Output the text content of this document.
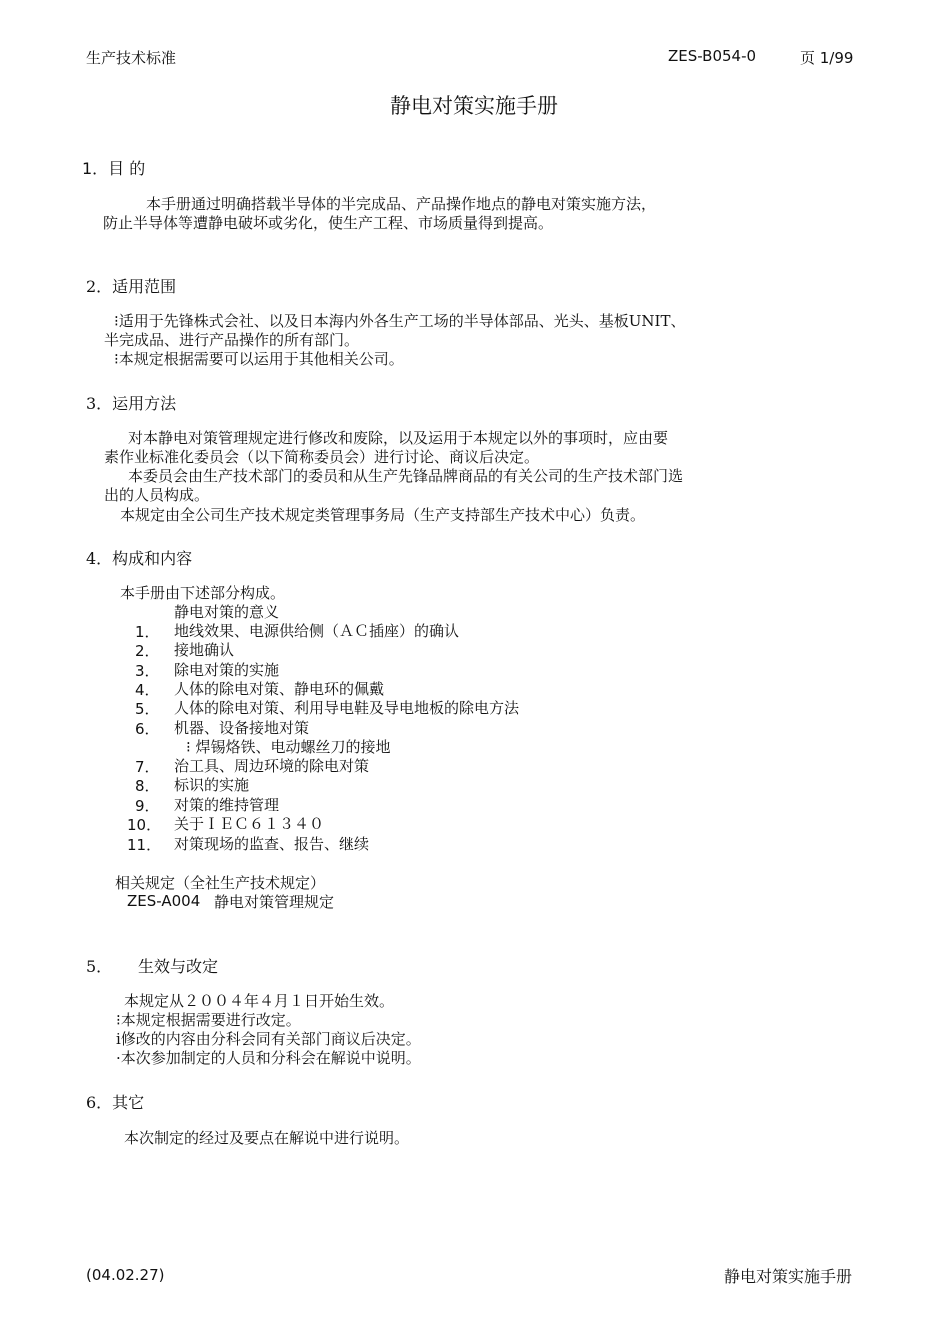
生产技术标准	ZES-B054-0	页 1/99
静电对策实施手册
1．目 的
本手册通过明确搭载半导体的半完成品、产品操作地点的静电对策实施方法，
防止半导体等遭静电破坏或劣化，使生产工程、市场质量得到提高。
2．适用范围
⁝适用于先锋株式会社、以及日本海内外各生产工场的半导体部品、光头、基板UNIT、
半完成品、进行产品操作的所有部门。
⁝本规定根据需要可以运用于其他相关公司。
3．运用方法
对本静电对策管理规定进行修改和废除，以及运用于本规定以外的事项时，应由要
素作业标准化委员会（以下简称委员会）进行讨论、商议后决定。
本委员会由生产技术部门的委员和从生产先锋品牌商品的有关公司的生产技术部门选
出的人员构成。
本规定由全公司生产技术规定类管理事务局（生产支持部生产技术中心）负责。
4．构成和内容
本手册由下述部分构成。
静电对策的意义
1． 地线效果、电源供给侧（ＡＣ插座）的确认
2． 接地确认
3． 除电对策的实施
4． 人体的除电对策、静电环的佩戴
5． 人体的除电对策、利用导电鞋及导电地板的除电方法
6． 机器、设备接地对策
⁝ 焊锡烙铁、电动螺丝刀的接地
7． 治工具、周边环境的除电对策
8． 标识的实施
9． 对策的维持管理
10． 关于ＩＥＣ６１３４０
11． 对策现场的监查、报告、继续
相关规定（全社生产技术规定）
ZES-A004 静电对策管理规定
5． 生效与改定
本规定从２００４年４月１日开始生效。
⁝本规定根据需要进行改定。
ⅰ修改的内容由分科会同有关部门商议后决定。
·本次参加制定的人员和分科会在解说中说明。
6．其它
本次制定的经过及要点在解说中进行说明。
(04.02.27)	静电对策实施手册
